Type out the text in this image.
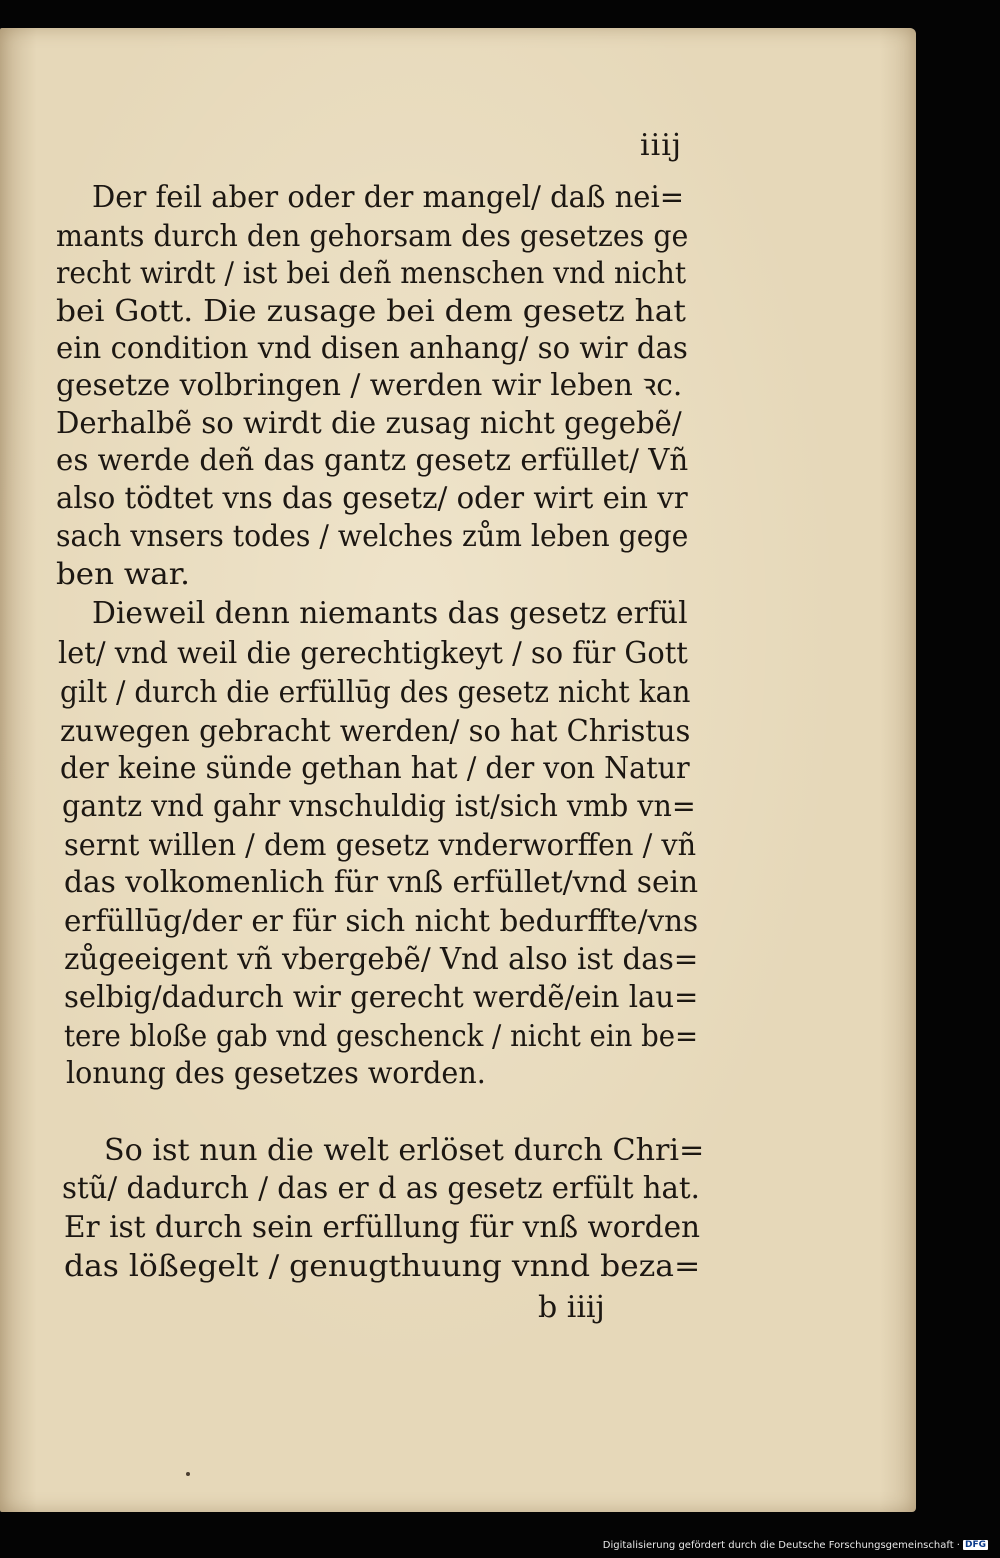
iiij
Der feil aber oder der mangel/ daß nei=
mants durch den gehorsam des gesetzes ge
recht wirdt / ist bei deñ menschen vnd nicht
bei Gott. Die zusage bei dem gesetz hat
ein condition vnd disen anhang/ so wir das
gesetze volbringen / werden wir leben ꝛc.
Derhalbẽ so wirdt die zusag nicht gegebẽ/
es werde deñ das gantz gesetz erfüllet/ Vñ
also tödtet vns das gesetz/ oder wirt ein vr
sach vnsers todes / welches zům leben gege
ben war.
Dieweil denn niemants das gesetz erfül
let/ vnd weil die gerechtigkeyt / so für Gott
gilt / durch die erfüllūg des gesetz nicht kan
zuwegen gebracht werden/ so hat Christus
der keine sünde gethan hat / der von Natur
gantz vnd gahr vnschuldig ist/sich vmb vn=
sernt willen / dem gesetz vnderworffen / vñ
das volkomenlich für vnß erfüllet/vnd sein
erfüllūg/der er für sich nicht bedurffte/vns
zůgeeigent vñ vbergebẽ/ Vnd also ist das=
selbig/dadurch wir gerecht werdẽ/ein lau=
tere bloße gab vnd geschenck / nicht ein be=
lonung des gesetzes worden.
So ist nun die welt erlöset durch Chri=
stũ/ dadurch / das er d as gesetz erfült hat.
Er ist durch sein erfüllung für vnß worden
das lößegelt / genugthuung vnnd beza=
b iiij
Digitalisierung gefördert durch die Deutsche Forschungsgemeinschaft · DFG
